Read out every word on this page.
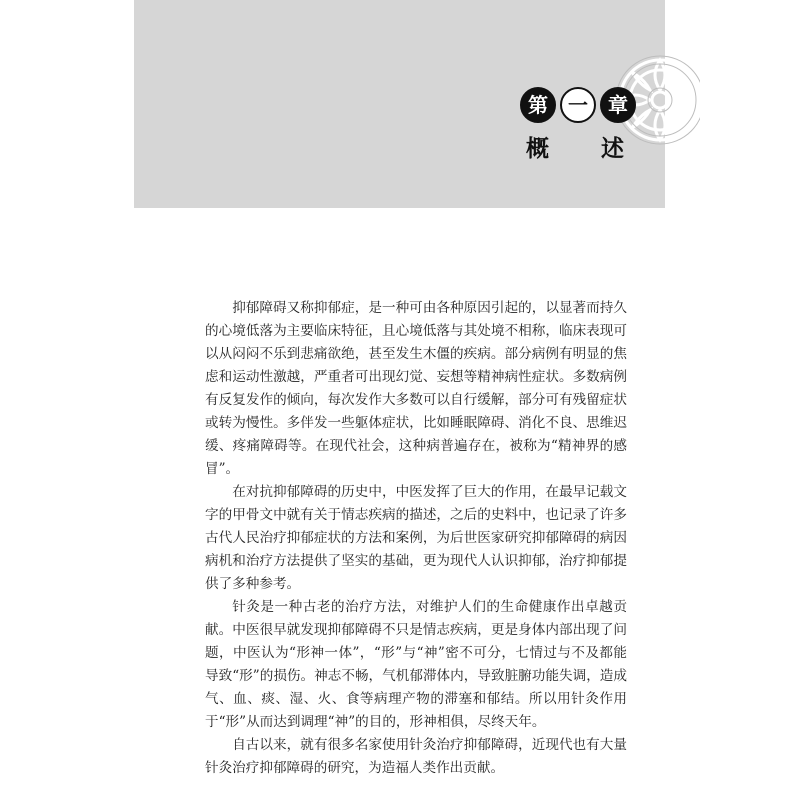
第	一	章
概 述

抑郁障碍又称抑郁症，是一种可由各种原因引起的，以显著而持久的心境低落为主要临床特征，且心境低落与其处境不相称，临床表现可以从闷闷不乐到悲痛欲绝，甚至发生木僵的疾病。部分病例有明显的焦虑和运动性激越，严重者可出现幻觉、妄想等精神病性症状。多数病例有反复发作的倾向，每次发作大多数可以自行缓解，部分可有残留症状或转为慢性。多伴发一些躯体症状，比如睡眠障碍、消化不良、思维迟缓、疼痛障碍等。在现代社会，这种病普遍存在，被称为“精神界的感冒”。

在对抗抑郁障碍的历史中，中医发挥了巨大的作用，在最早记载文字的甲骨文中就有关于情志疾病的描述，之后的史料中，也记录了许多古代人民治疗抑郁症状的方法和案例，为后世医家研究抑郁障碍的病因病机和治疗方法提供了坚实的基础，更为现代人认识抑郁，治疗抑郁提供了多种参考。

针灸是一种古老的治疗方法，对维护人们的生命健康作出卓越贡献。中医很早就发现抑郁障碍不只是情志疾病，更是身体内部出现了问题，中医认为“形神一体”，“形”与“神”密不可分，七情过与不及都能导致“形”的损伤。神志不畅，气机郁滞体内，导致脏腑功能失调，造成气、血、痰、湿、火、食等病理产物的滞塞和郁结。所以用针灸作用于“形”从而达到调理“神”的目的，形神相俱，尽终天年。

自古以来，就有很多名家使用针灸治疗抑郁障碍，近现代也有大量针灸治疗抑郁障碍的研究，为造福人类作出贡献。
